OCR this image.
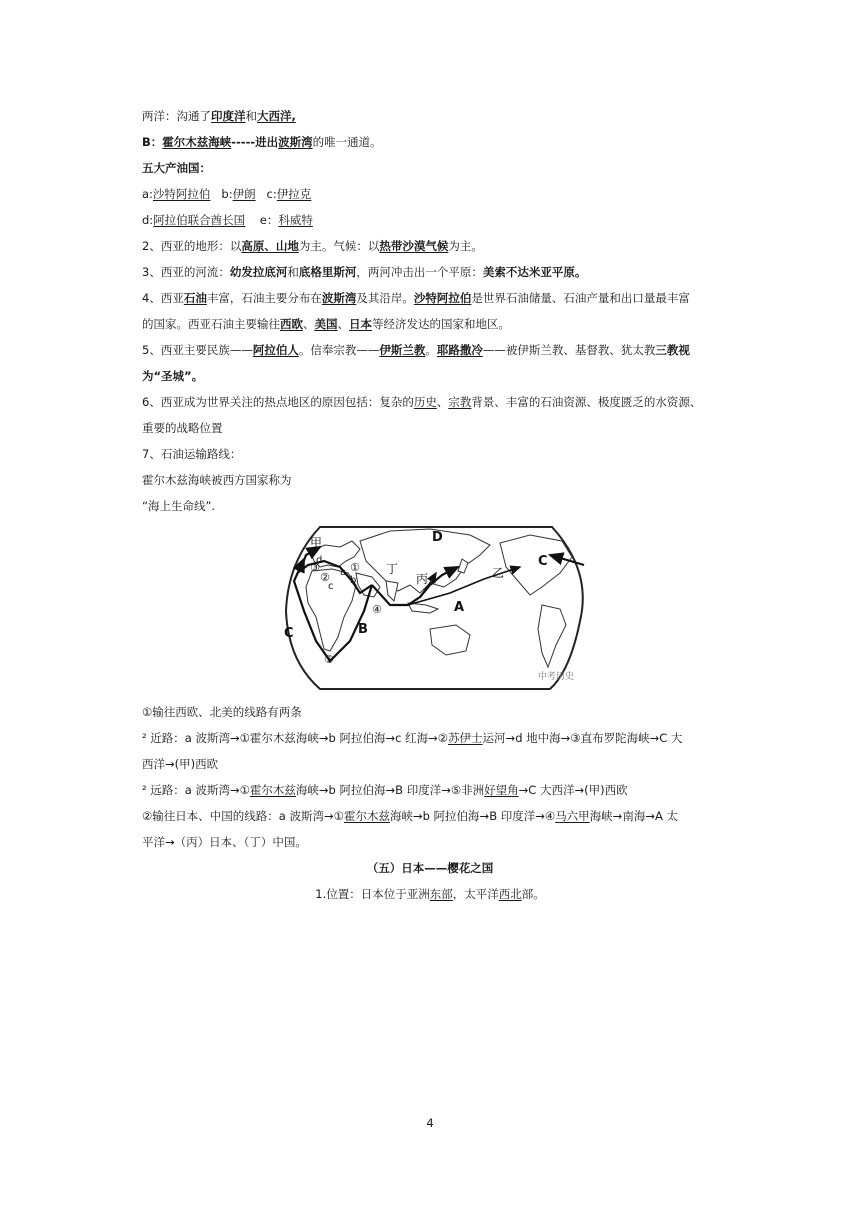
两洋：沟通了印度洋和大西洋,
B：霍尔木兹海峡-----进出波斯湾的唯一通道。
五大产油国：
a:沙特阿拉伯   b:伊朗   c:伊拉克
d:阿拉伯联合酋长国    e：科威特
2、西亚的地形：以高原、山地为主。气候：以热带沙漠气候为主。
3、西亚的河流：幼发拉底河和底格里斯河，两河冲击出一个平原：美索不达米亚平原。
4、西亚石油丰富，石油主要分布在波斯湾及其沿岸。沙特阿拉伯是世界石油储量、石油产量和出口量最丰富
的国家。西亚石油主要输往西欧、美国、日本等经济发达的国家和地区。
5、西亚主要民族——阿拉伯人。信奉宗教——伊斯兰教。耶路撒冷——被伊斯兰教、基督教、犹太教三教视
为“圣城”。
6、西亚成为世界关注的热点地区的原因包括：复杂的历史、宗教背景、丰富的石油资源、极度匮乏的水资源、
重要的战略位置
7、石油运输路线：
霍尔木兹海峡被西方国家称为
“海上生命线”.
D
C
C
A
B
甲
乙
丙
丁
①
②
③
④
⑤
a
b
c
d
中考历史
①输往西欧、北美的线路有两条
² 近路：a 波斯湾→①霍尔木兹海峡→b 阿拉伯海→c 红海→②苏伊士运河→d 地中海→③直布罗陀海峡→C 大
西洋→(甲)西欧
² 远路：a 波斯湾→①霍尔木兹海峡→b 阿拉伯海→B 印度洋→⑤非洲好望角→C 大西洋→(甲)西欧
②输往日本、中国的线路：a 波斯湾→①霍尔木兹海峡→b 阿拉伯海→B 印度洋→④马六甲海峡→南海→A 太
平洋→（丙）日本、（丁）中国。
（五）日本——樱花之国
1.位置：日本位于亚洲东部，太平洋西北部。
4
